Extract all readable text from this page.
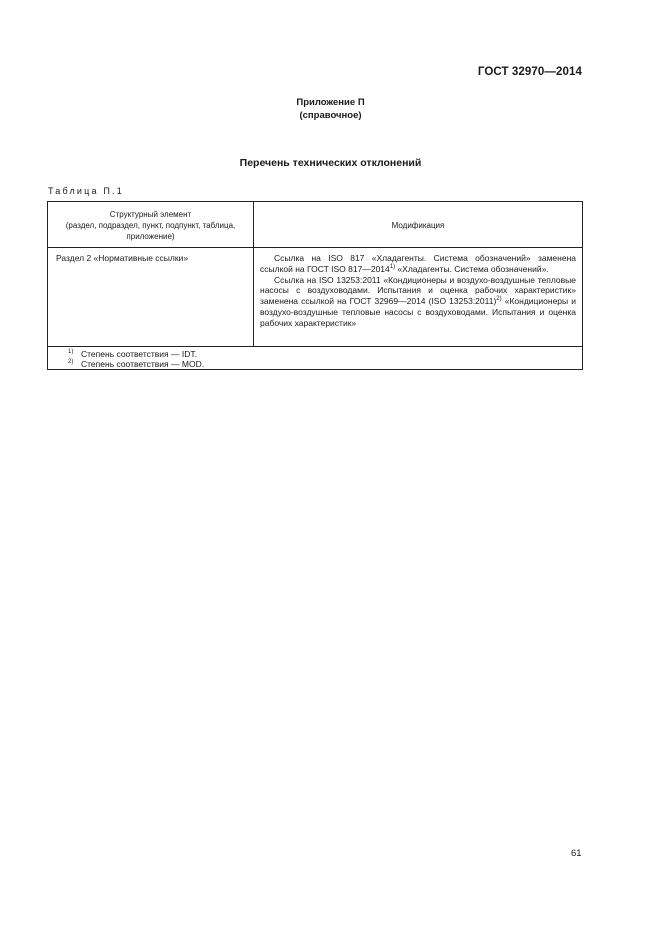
ГОСТ 32970—2014
Приложение П
(справочное)
Перечень технических отклонений
Таблица П.1
Структурный элемент
(раздел, подраздел, пункт, подпункт, таблица,
приложение)
Модификация
Раздел 2 «Нормативные ссылки»	Ссылка на ISO 817 «Хладагенты. Система обозначений» заменена ссылкой на ГОСТ ISO 817—2014$^{1)}$ «Хладагенты. Система обозначений».

Ссылка на ISO 13253:2011 «Кондиционеры и воздухо-воздушные тепловые насосы с воздуховодами. Испытания и оценка рабочих характеристик» заменена ссылкой на ГОСТ 32969—2014 (ISO 13253:2011)$^{2)}$ «Кондиционеры и воздухо-воздушные тепловые насосы с воздуховодами. Испытания и оценка рабочих характеристик»

$^{1)}$ Степень соответствия — IDT.
$^{2)}$ Степень соответствия — MOD.
61
